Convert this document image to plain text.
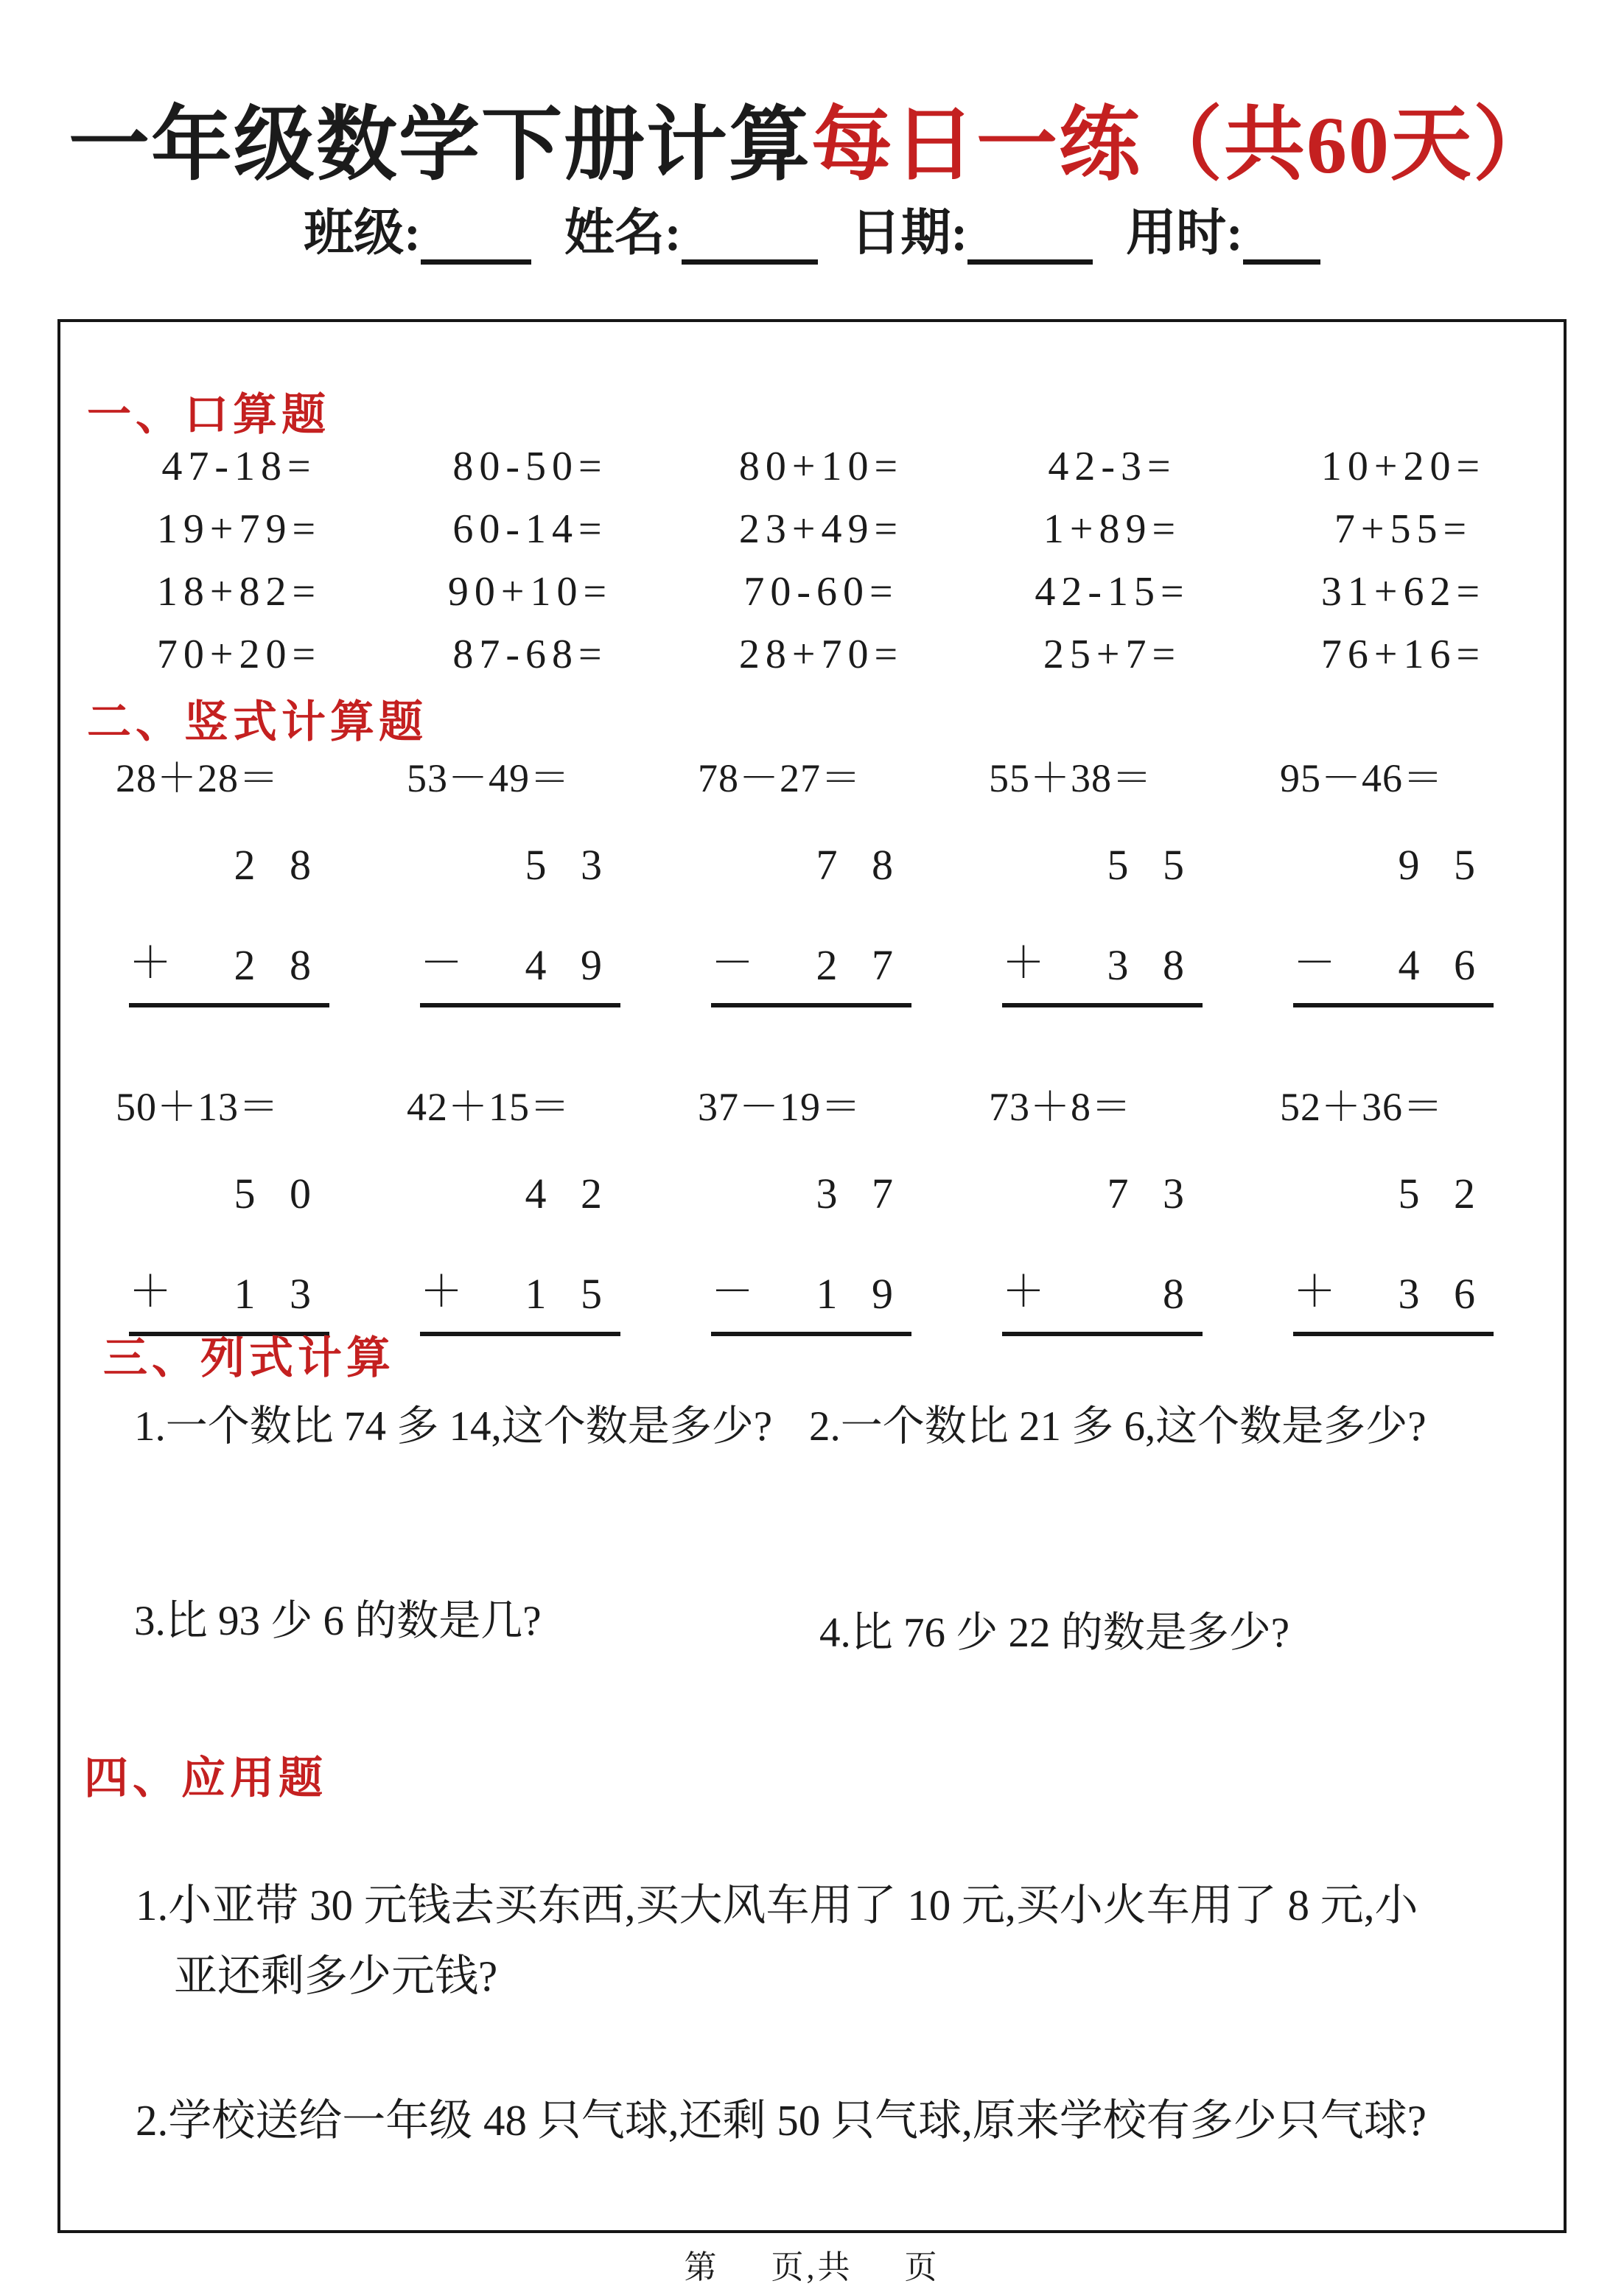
一年级数学下册计算每日一练（共60天）
班级:	姓名:	日期:	用时:
一、口算题
47-18=	80-50=	80+10=	42-3=	10+20=
19+79=	60-14=	23+49=	1+89=	7+55=
18+82=	90+10=	70-60=	42-15=	31+62=
70+20=	87-68=	28+70=	25+7=	76+16=
二、竖式计算题
28＋28＝
2 8
＋	2 8
53－49＝
5 3
－	4 9
78－27＝
7 8
－	2 7
55＋38＝
5 5
＋	3 8
95－46＝
9 5
－	4 6
50＋13＝
5 0
＋	1 3
42＋15＝
4 2
＋	1 5
37－19＝
3 7
－	1 9
73＋8＝
7 3
＋	8
52＋36＝
5 2
＋	3 6
三、列式计算
1.一个数比 74 多 14,这个数是多少? 2.一个数比 21 多 6,这个数是多少?
3.比 93 少 6 的数是几?	4.比 76 少 22 的数是多少?
四、应用题
1.小亚带 30 元钱去买东西,买大风车用了 10 元,买小火车用了 8 元,小
亚还剩多少元钱?
2.学校送给一年级 48 只气球,还剩 50 只气球,原来学校有多少只气球?
第 页,共 页
